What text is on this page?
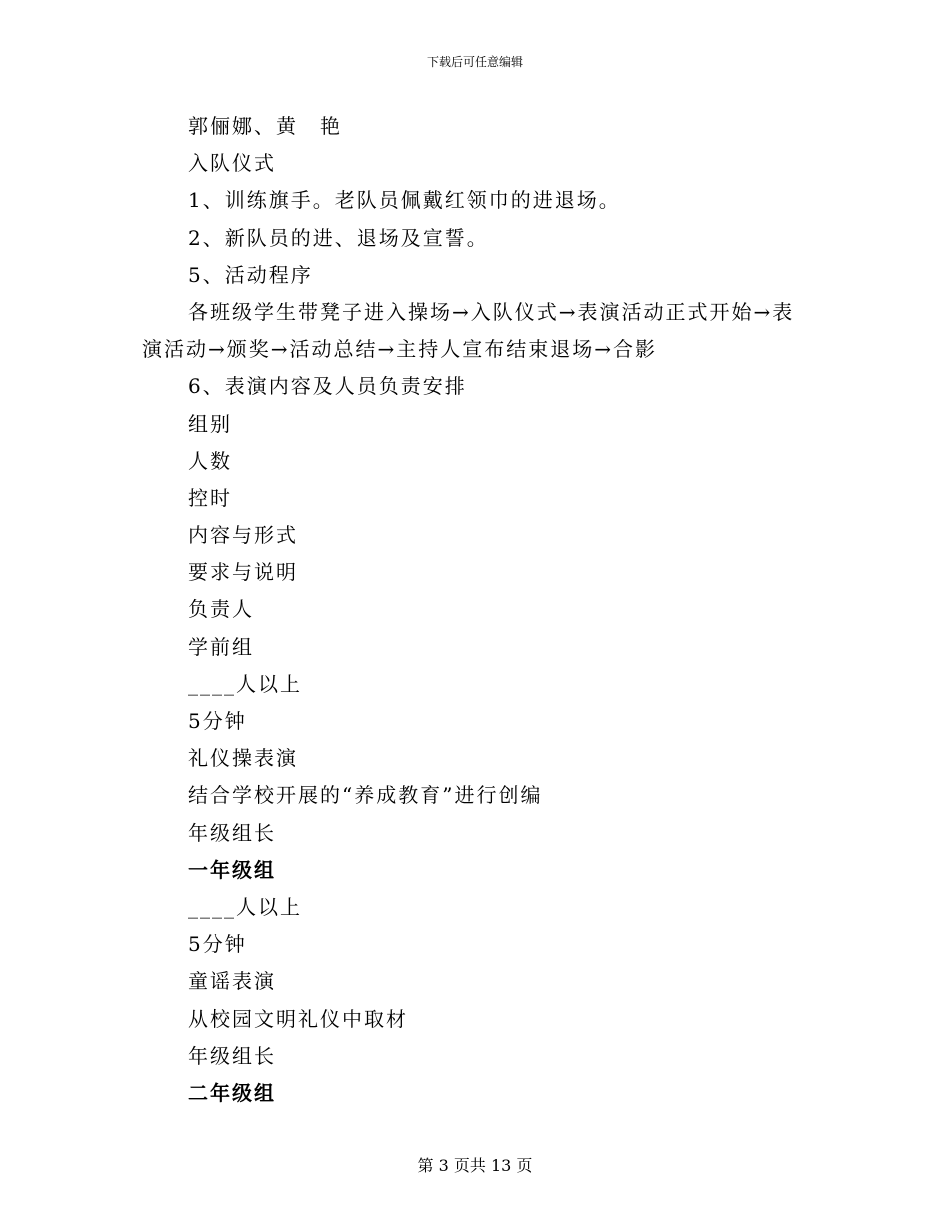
下载后可任意编辑

郭俪娜、黄　艳

入队仪式

1、训练旗手。老队员佩戴红领巾的进退场。

2、新队员的进、退场及宣誓。

5、活动程序

各班级学生带凳子进入操场→入队仪式→表演活动正式开始→表

演活动→颁奖→活动总结→主持人宣布结束退场→合影

6、表演内容及人员负责安排

组别

人数

控时

内容与形式

要求与说明

负责人

学前组

____人以上

5分钟

礼仪操表演

结合学校开展的“养成教育”进行创编

年级组长

一年级组

____人以上

5分钟

童谣表演

从校园文明礼仪中取材

年级组长

二年级组

第 3 页共 13 页
